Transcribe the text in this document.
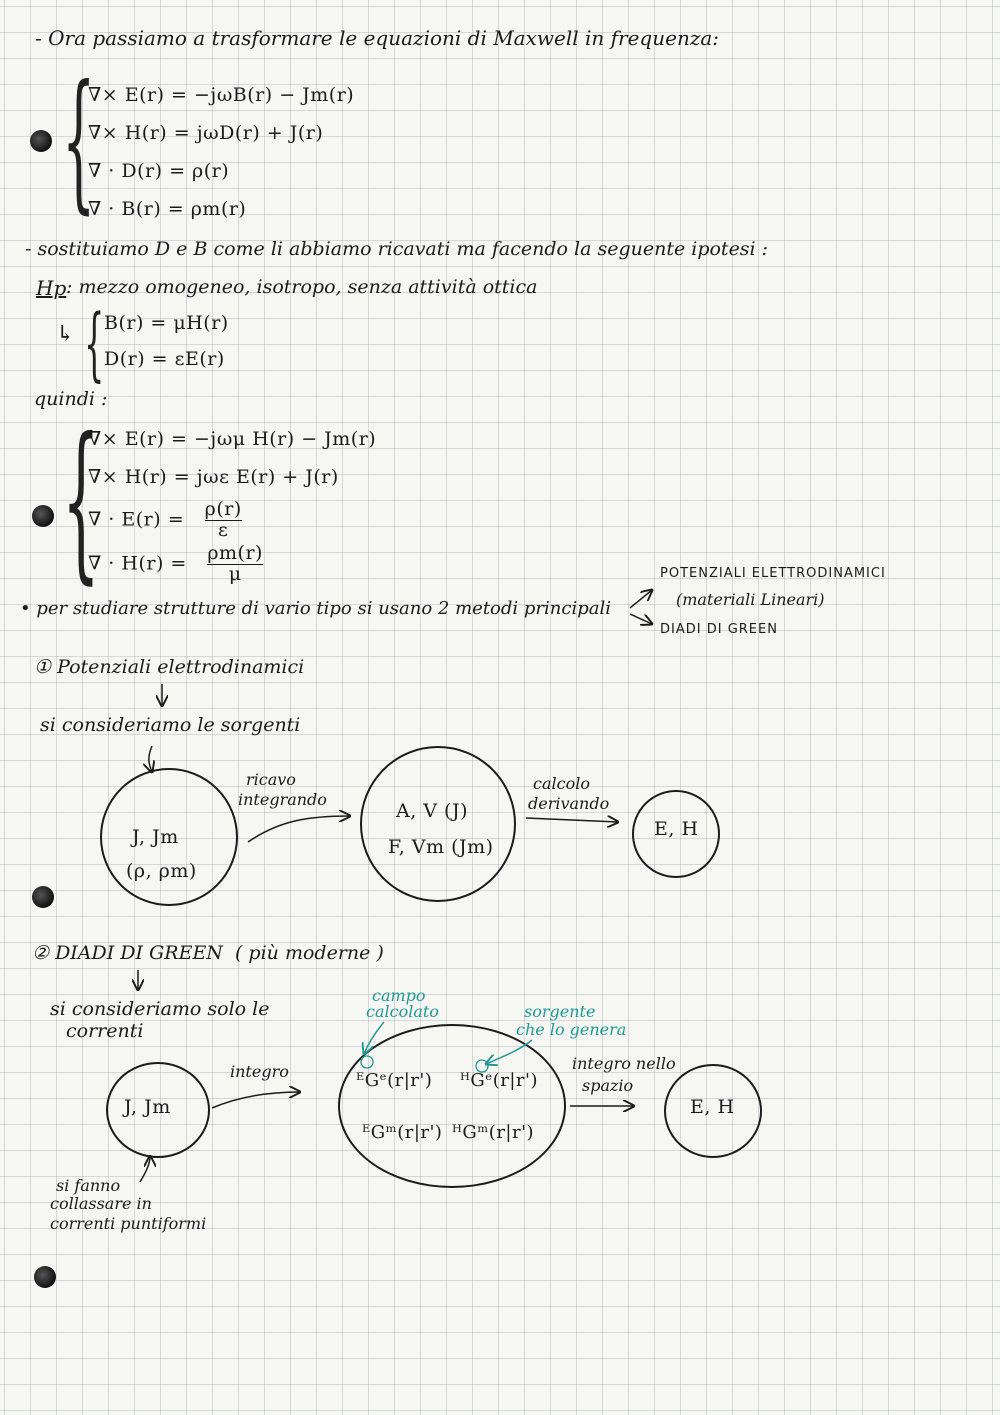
- Ora passiamo a trasformare le equazioni di Maxwell in frequenza:
{
∇× E(r) = −jωB(r) − Jm(r)
∇× H(r) = jωD(r) + J(r)
∇ · D(r) = ρ(r)
∇ · B(r) = ρm(r)
- sostituiamo D e B come li abbiamo ricavati ma facendo la seguente ipotesi :
Hp : mezzo omogeneo, isotropo, senza attività ottica
↳ { B(r) = μH(r)
D(r) = εE(r)
quindi :
{
∇× E(r) = −jωμ H(r) − Jm(r)
∇× H(r) = jωε E(r) + J(r)
∇ · $E(r) = \frac{\rho(r)}{\varepsilon}$
∇ · $H(r) = \frac{\rho m(r)}{\mu}$
• per studiare strutture di vario tipo si usano 2 metodi principali
POTENZIALI ELETTRODINAMICI
(materiali Lineari)
DIADI DI GREEN
① Potenziali elettrodinamici
si consideriamo le sorgenti
J, Jm
(ρ, ρm)
ricavo
integrando
A, V (J)
F, Vm (Jm)
calcolo
derivando
E, H
② DIADI DI GREEN ( più moderne )
si consideriamo solo le
correnti
J, Jm
si fanno
collassare in
correnti puntiformi
integro
campo
calcolato	sorgente
che lo genera
ᴱGᵉ(r|r') ᴴGᵉ(r|r')
ᴱGᵐ(r|r') ᴴGᵐ(r|r')
integro nello
spazio
E, H
